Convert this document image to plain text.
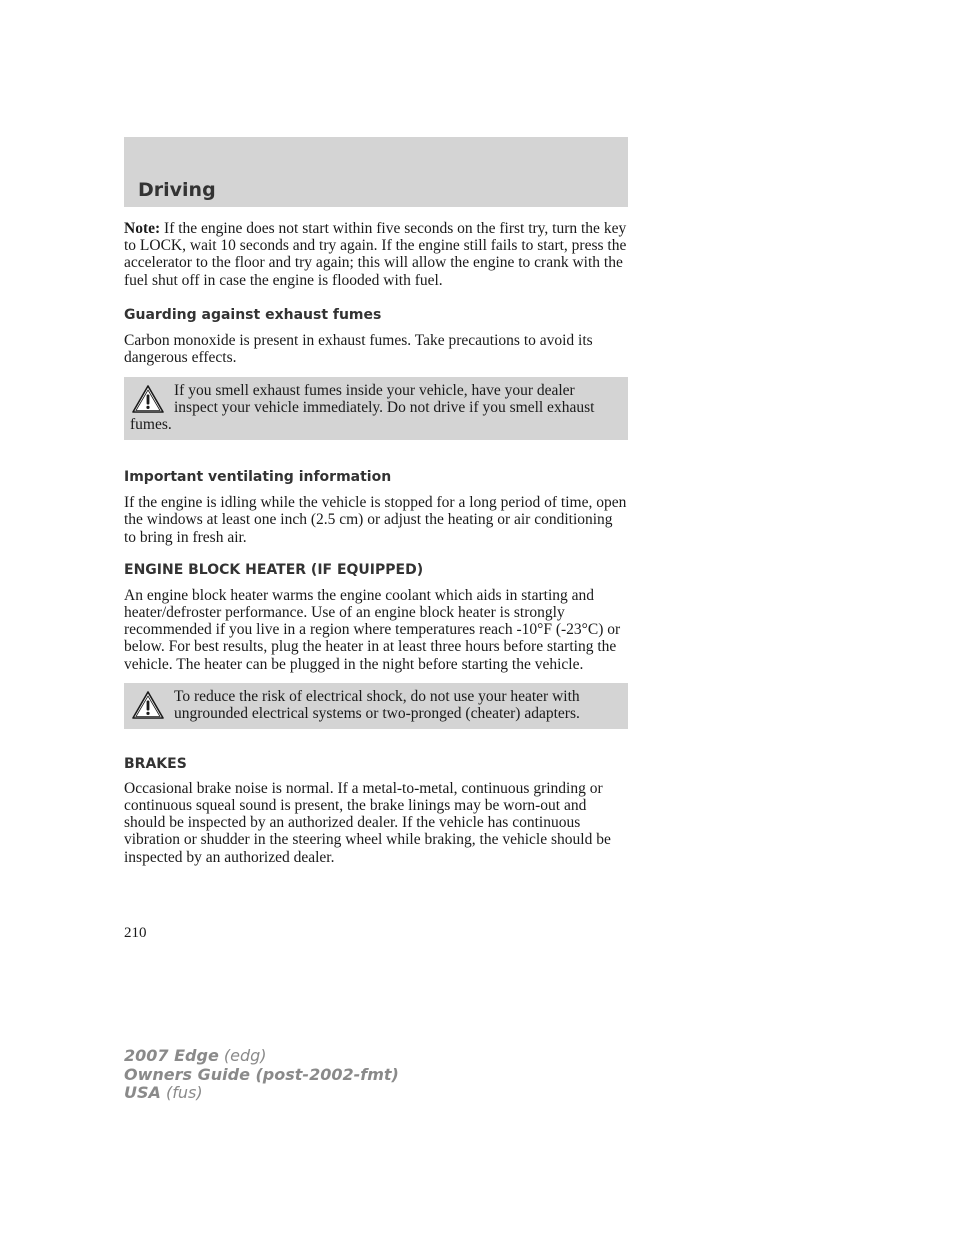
Driving

Note: If the engine does not start within five seconds on the first try, turn the key to LOCK, wait 10 seconds and try again. If the engine still fails to start, press the accelerator to the floor and try again; this will allow the engine to crank with the fuel shut off in case the engine is flooded with fuel.

Guarding against exhaust fumes

Carbon monoxide is present in exhaust fumes. Take precautions to avoid its dangerous effects.

If you smell exhaust fumes inside your vehicle, have your dealer inspect your vehicle immediately. Do not drive if you smell exhaust fumes.
Important ventilating information

If the engine is idling while the vehicle is stopped for a long period of time, open the windows at least one inch (2.5 cm) or adjust the heating or air conditioning to bring in fresh air.

ENGINE BLOCK HEATER (IF EQUIPPED)

An engine block heater warms the engine coolant which aids in starting and heater/defroster performance. Use of an engine block heater is strongly recommended if you live in a region where temperatures reach -10°F (-23°C) or below. For best results, plug the heater in at least three hours before starting the vehicle. The heater can be plugged in the night before starting the vehicle.

To reduce the risk of electrical shock, do not use your heater with ungrounded electrical systems or two-pronged (cheater) adapters.
BRAKES

Occasional brake noise is normal. If a metal-to-metal, continuous grinding or continuous squeal sound is present, the brake linings may be worn-out and should be inspected by an authorized dealer. If the vehicle has continuous vibration or shudder in the steering wheel while braking, the vehicle should be inspected by an authorized dealer.

210
2007 Edge (edg)
Owners Guide (post-2002-fmt)
USA (fus)
